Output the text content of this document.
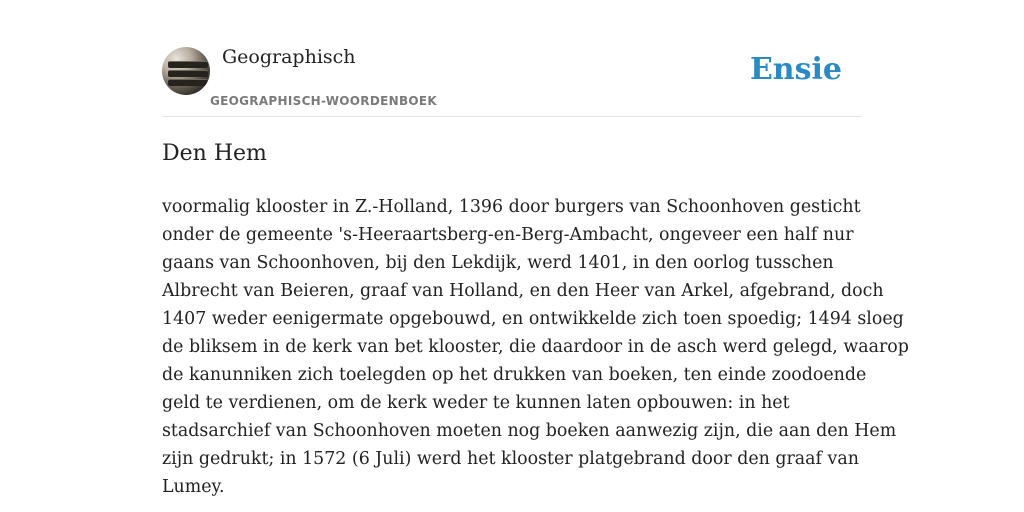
Geographisch
GEOGRAPHISCH-WOORDENBOEK
Ensie
Den Hem
voormalig klooster in Z.-Holland, 1396 door burgers van Schoonhoven gesticht
onder de gemeente 's-Heeraartsberg-en-Berg-Ambacht, ongeveer een half nur
gaans van Schoonhoven, bij den Lekdijk, werd 1401, in den oorlog tusschen
Albrecht van Beieren, graaf van Holland, en den Heer van Arkel, afgebrand, doch
1407 weder eenigermate opgebouwd, en ontwikkelde zich toen spoedig; 1494 sloeg
de bliksem in de kerk van bet klooster, die daardoor in de asch werd gelegd, waarop
de kanunniken zich toelegden op het drukken van boeken, ten einde zoodoende
geld te verdienen, om de kerk weder te kunnen laten opbouwen: in het
stadsarchief van Schoonhoven moeten nog boeken aanwezig zijn, die aan den Hem
zijn gedrukt; in 1572 (6 Juli) werd het klooster platgebrand door den graaf van
Lumey.
